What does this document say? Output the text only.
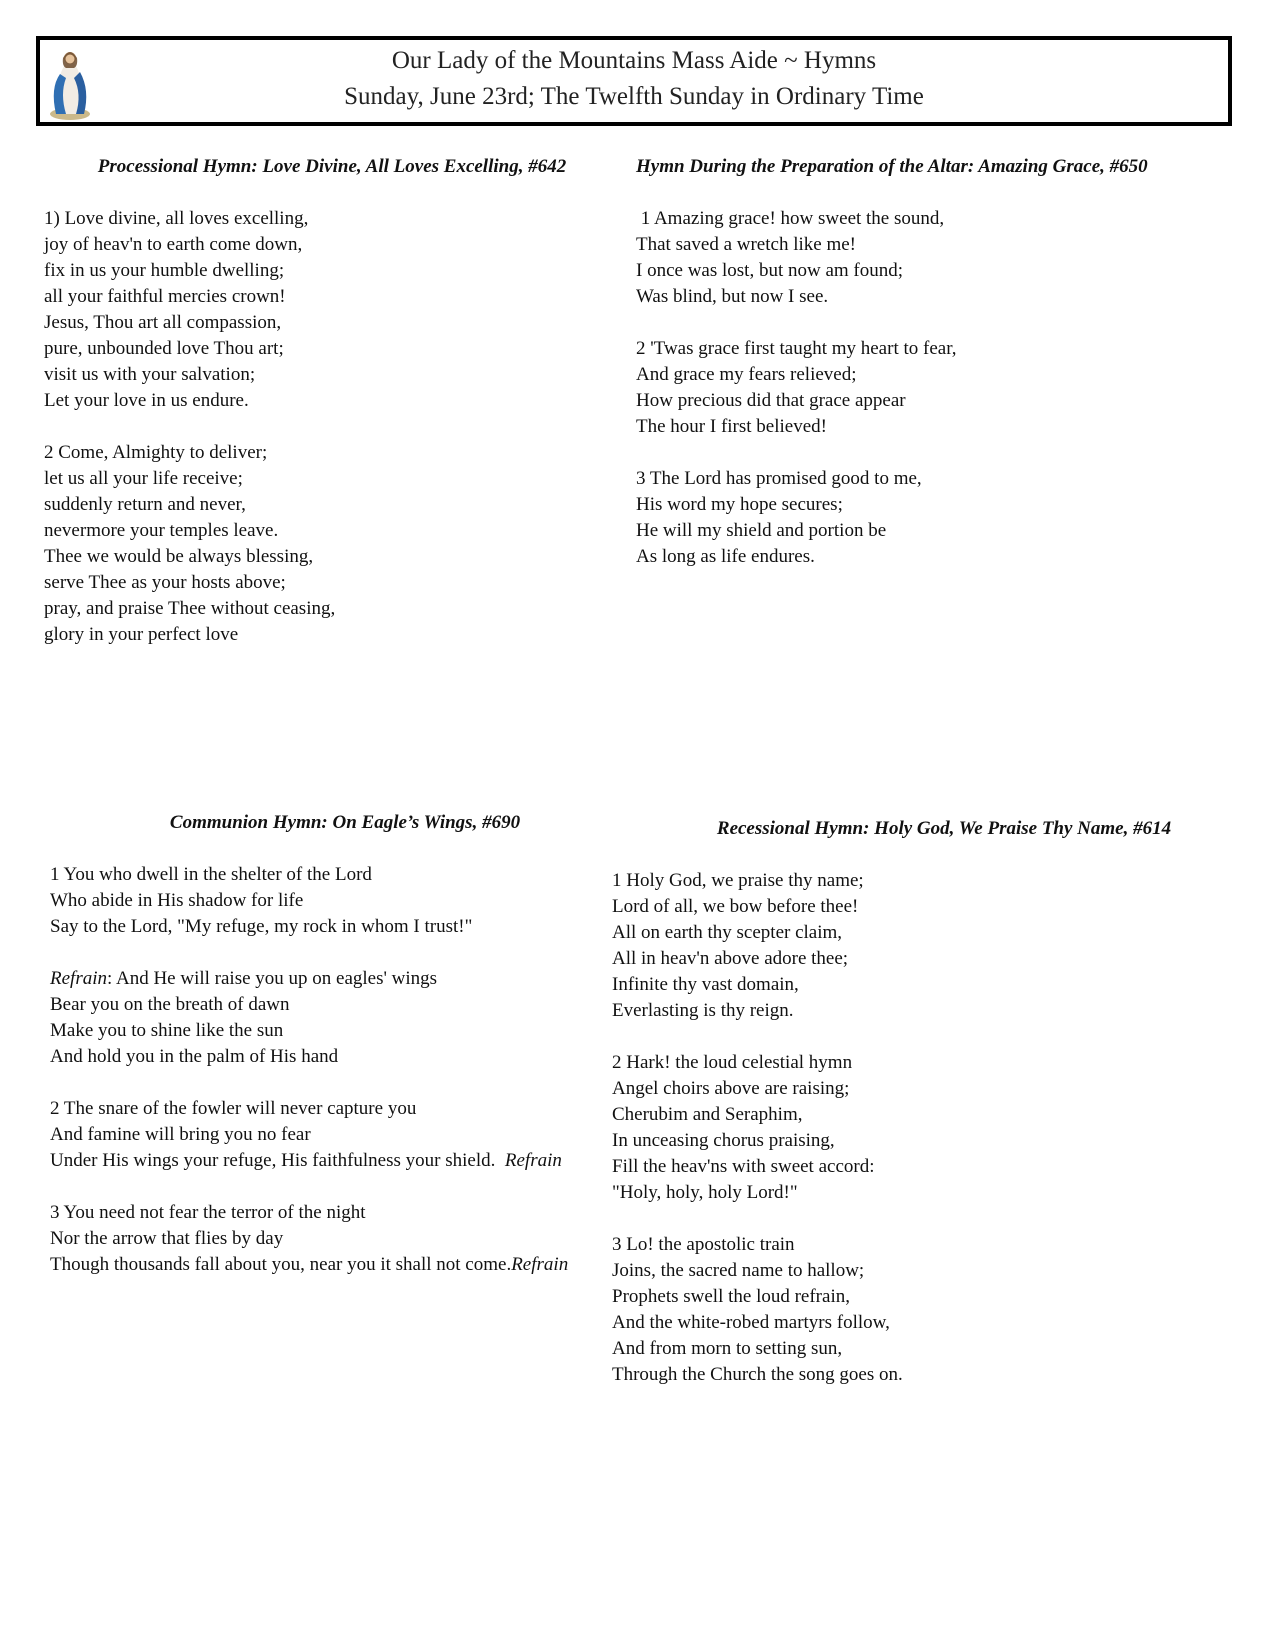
Our Lady of the Mountains Mass Aide ~ Hymns
Sunday, June 23rd; The Twelfth Sunday in Ordinary Time
Processional Hymn: Love Divine, All Loves Excelling, #642
1) Love divine, all loves excelling,
joy of heav'n to earth come down,
fix in us your humble dwelling;
all your faithful mercies crown!
Jesus, Thou art all compassion,
pure, unbounded love Thou art;
visit us with your salvation;
Let your love in us endure.
2 Come, Almighty to deliver;
let us all your life receive;
suddenly return and never,
nevermore your temples leave.
Thee we would be always blessing,
serve Thee as your hosts above;
pray, and praise Thee without ceasing,
glory in your perfect love
Hymn During the Preparation of the Altar: Amazing Grace, #650
1 Amazing grace! how sweet the sound,
That saved a wretch like me!
I once was lost, but now am found;
Was blind, but now I see.
2 'Twas grace first taught my heart to fear,
And grace my fears relieved;
How precious did that grace appear
The hour I first believed!
3 The Lord has promised good to me,
His word my hope secures;
He will my shield and portion be
As long as life endures.
Communion Hymn: On Eagle’s Wings, #690
1 You who dwell in the shelter of the Lord
Who abide in His shadow for life
Say to the Lord, "My refuge, my rock in whom I trust!"
Refrain: And He will raise you up on eagles' wings
Bear you on the breath of dawn
Make you to shine like the sun
And hold you in the palm of His hand
2 The snare of the fowler will never capture you
And famine will bring you no fear
Under His wings your refuge, His faithfulness your shield.  Refrain
3 You need not fear the terror of the night
Nor the arrow that flies by day
Though thousands fall about you, near you it shall not come.Refrain
Recessional Hymn: Holy God, We Praise Thy Name, #614
1 Holy God, we praise thy name;
Lord of all, we bow before thee!
All on earth thy scepter claim,
All in heav'n above adore thee;
Infinite thy vast domain,
Everlasting is thy reign.
2 Hark! the loud celestial hymn
Angel choirs above are raising;
Cherubim and Seraphim,
In unceasing chorus praising,
Fill the heav'ns with sweet accord:
"Holy, holy, holy Lord!"
3 Lo! the apostolic train
Joins, the sacred name to hallow;
Prophets swell the loud refrain,
And the white-robed martyrs follow,
And from morn to setting sun,
Through the Church the song goes on.
